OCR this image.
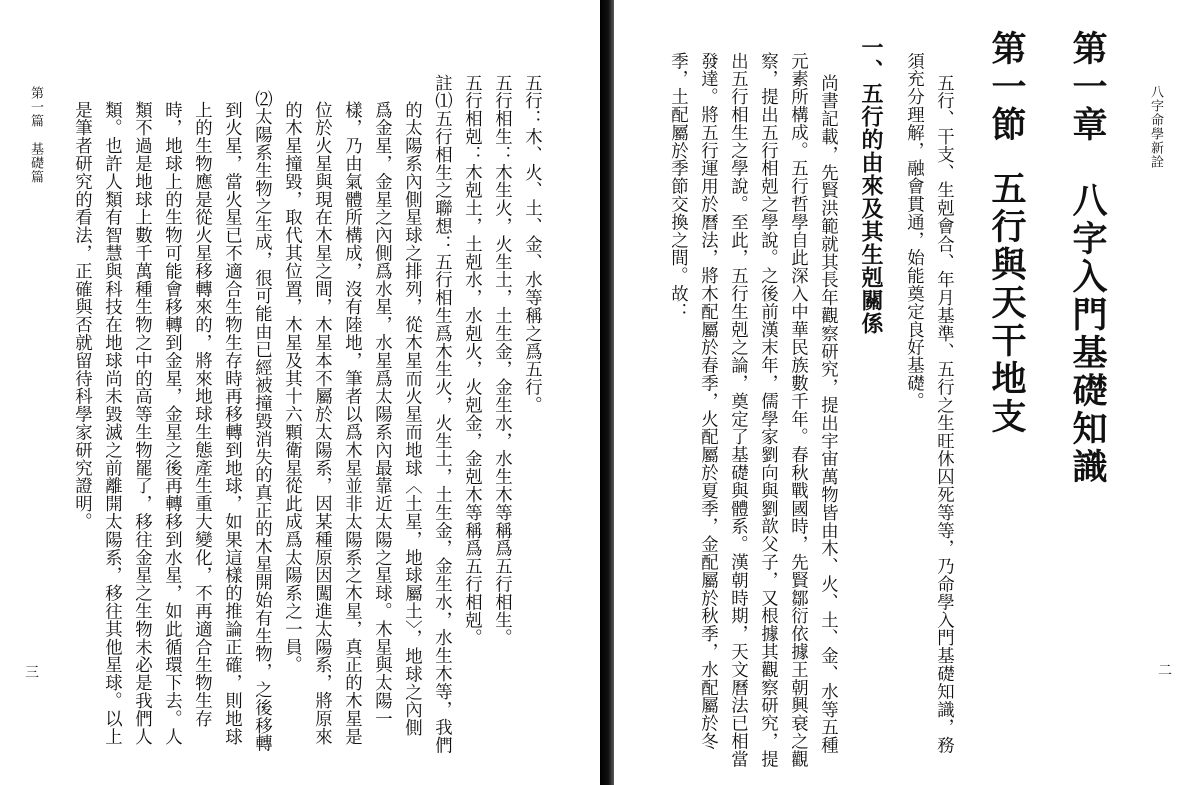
第一篇　基礎篇
三
五行：木、火、土、金、水等稱之爲五行。
五行相生：木生火，火生土，土生金，金生水，水生木等稱爲五行相生。
五行相剋：木剋土，土剋水，水剋火，火剋金，金剋木等稱爲五行相剋。
註⑴五行相生之聯想：五行相生爲木生火，火生土，土生金，金生水，水生木等，我們
的太陽系內側星球之排列，從木星而火星而地球〈土星，地球屬土〉，地球之內側
爲金星，金星之內側爲水星，水星爲太陽系內最靠近太陽之星球。木星與太陽一
樣，乃由氣體所構成，沒有陸地，筆者以爲木星並非太陽系之木星，真正的木星是
位於火星與現在木星之間，木星本不屬於太陽系，因某種原因闖進太陽系，將原來
的木星撞毀，取代其位置，木星及其十六顆衛星從此成爲太陽系之一員。
⑵太陽系生物之生成，很可能由已經被撞毀消失的真正的木星開始有生物，之後移轉
到火星，當火星已不適合生物生存時再移轉到地球，如果這樣的推論正確，則地球
上的生物應是從火星移轉來的，將來地球生態產生重大變化，不再適合生物生存
時，地球上的生物可能會移轉到金星，金星之後再轉移到水星，如此循環下去。人
類不過是地球上數千萬種生物之中的高等生物罷了，移往金星之生物未必是我們人
類。也許人類有智慧與科技在地球尚未毀滅之前離開太陽系，移往其他星球。以上
是筆者研究的看法，正確與否就留待科學家研究證明。	八字命學新詮
二
第一章　八字入門基礎知識
第一節五行與天干地支
五行、干支、生剋會合、年月基準、五行之生旺休囚死等等，乃命學入門基礎知識，務
須充分理解，融會貫通，始能奠定良好基礎。
一、五行的由來及其生剋關係
尚書記載，先賢洪範就其長年觀察研究，提出宇宙萬物皆由木、火、土、金、水等五種
元素所構成。五行哲學自此深入中華民族數千年。春秋戰國時，先賢鄒衍依據王朝興衰之觀
察，提出五行相剋之學說。之後前漢末年，儒學家劉向與劉歆父子，又根據其觀察研究，提
出五行相生之學說。至此，五行生剋之論，奠定了基礎與體系。漢朝時期，天文曆法已相當
發達。將五行運用於曆法，將木配屬於春季，火配屬於夏季，金配屬於秋季，水配屬於冬
季，土配屬於季節交換之間。故：
